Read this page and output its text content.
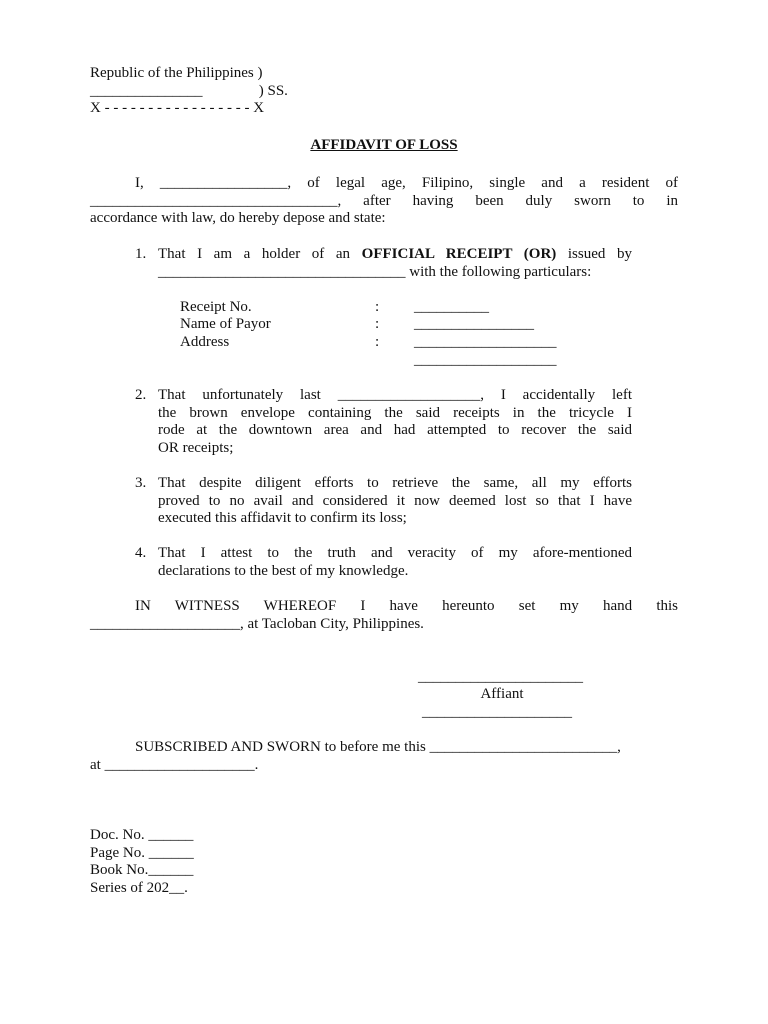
Republic of the Philippines )
_______________               ) SS.
X - - - - - - - - - - - - - - - - - X
AFFIDAVIT OF LOSS
I, _________________, of legal age, Filipino, single and a resident of
_________________________________, after having been duly sworn to in
accordance with law, do hereby depose and state:
1. That I am a holder of an OFFICIAL RECEIPT (OR) issued by
_________________________________ with the following particulars:
Receipt No.	: __________
Name of Payor	: ________________
Address	: ___________________
___________________
2. That unfortunately last ___________________, I accidentally left
the brown envelope containing the said receipts in the tricycle I
rode at the downtown area and had attempted to recover the said
OR receipts;
3. That despite diligent efforts to retrieve the same, all my efforts
proved to no avail and considered it now deemed lost so that I have
executed this affidavit to confirm its loss;
4. That I attest to the truth and veracity of my afore-mentioned
declarations to the best of my knowledge.
IN WITNESS WHEREOF I have hereunto set my hand this
____________________, at Tacloban City, Philippines.
______________________
Affiant
____________________
SUBSCRIBED AND SWORN to before me this _________________________,
at ____________________.
Doc. No. ______
Page No. ______
Book No.______
Series of 202__.
